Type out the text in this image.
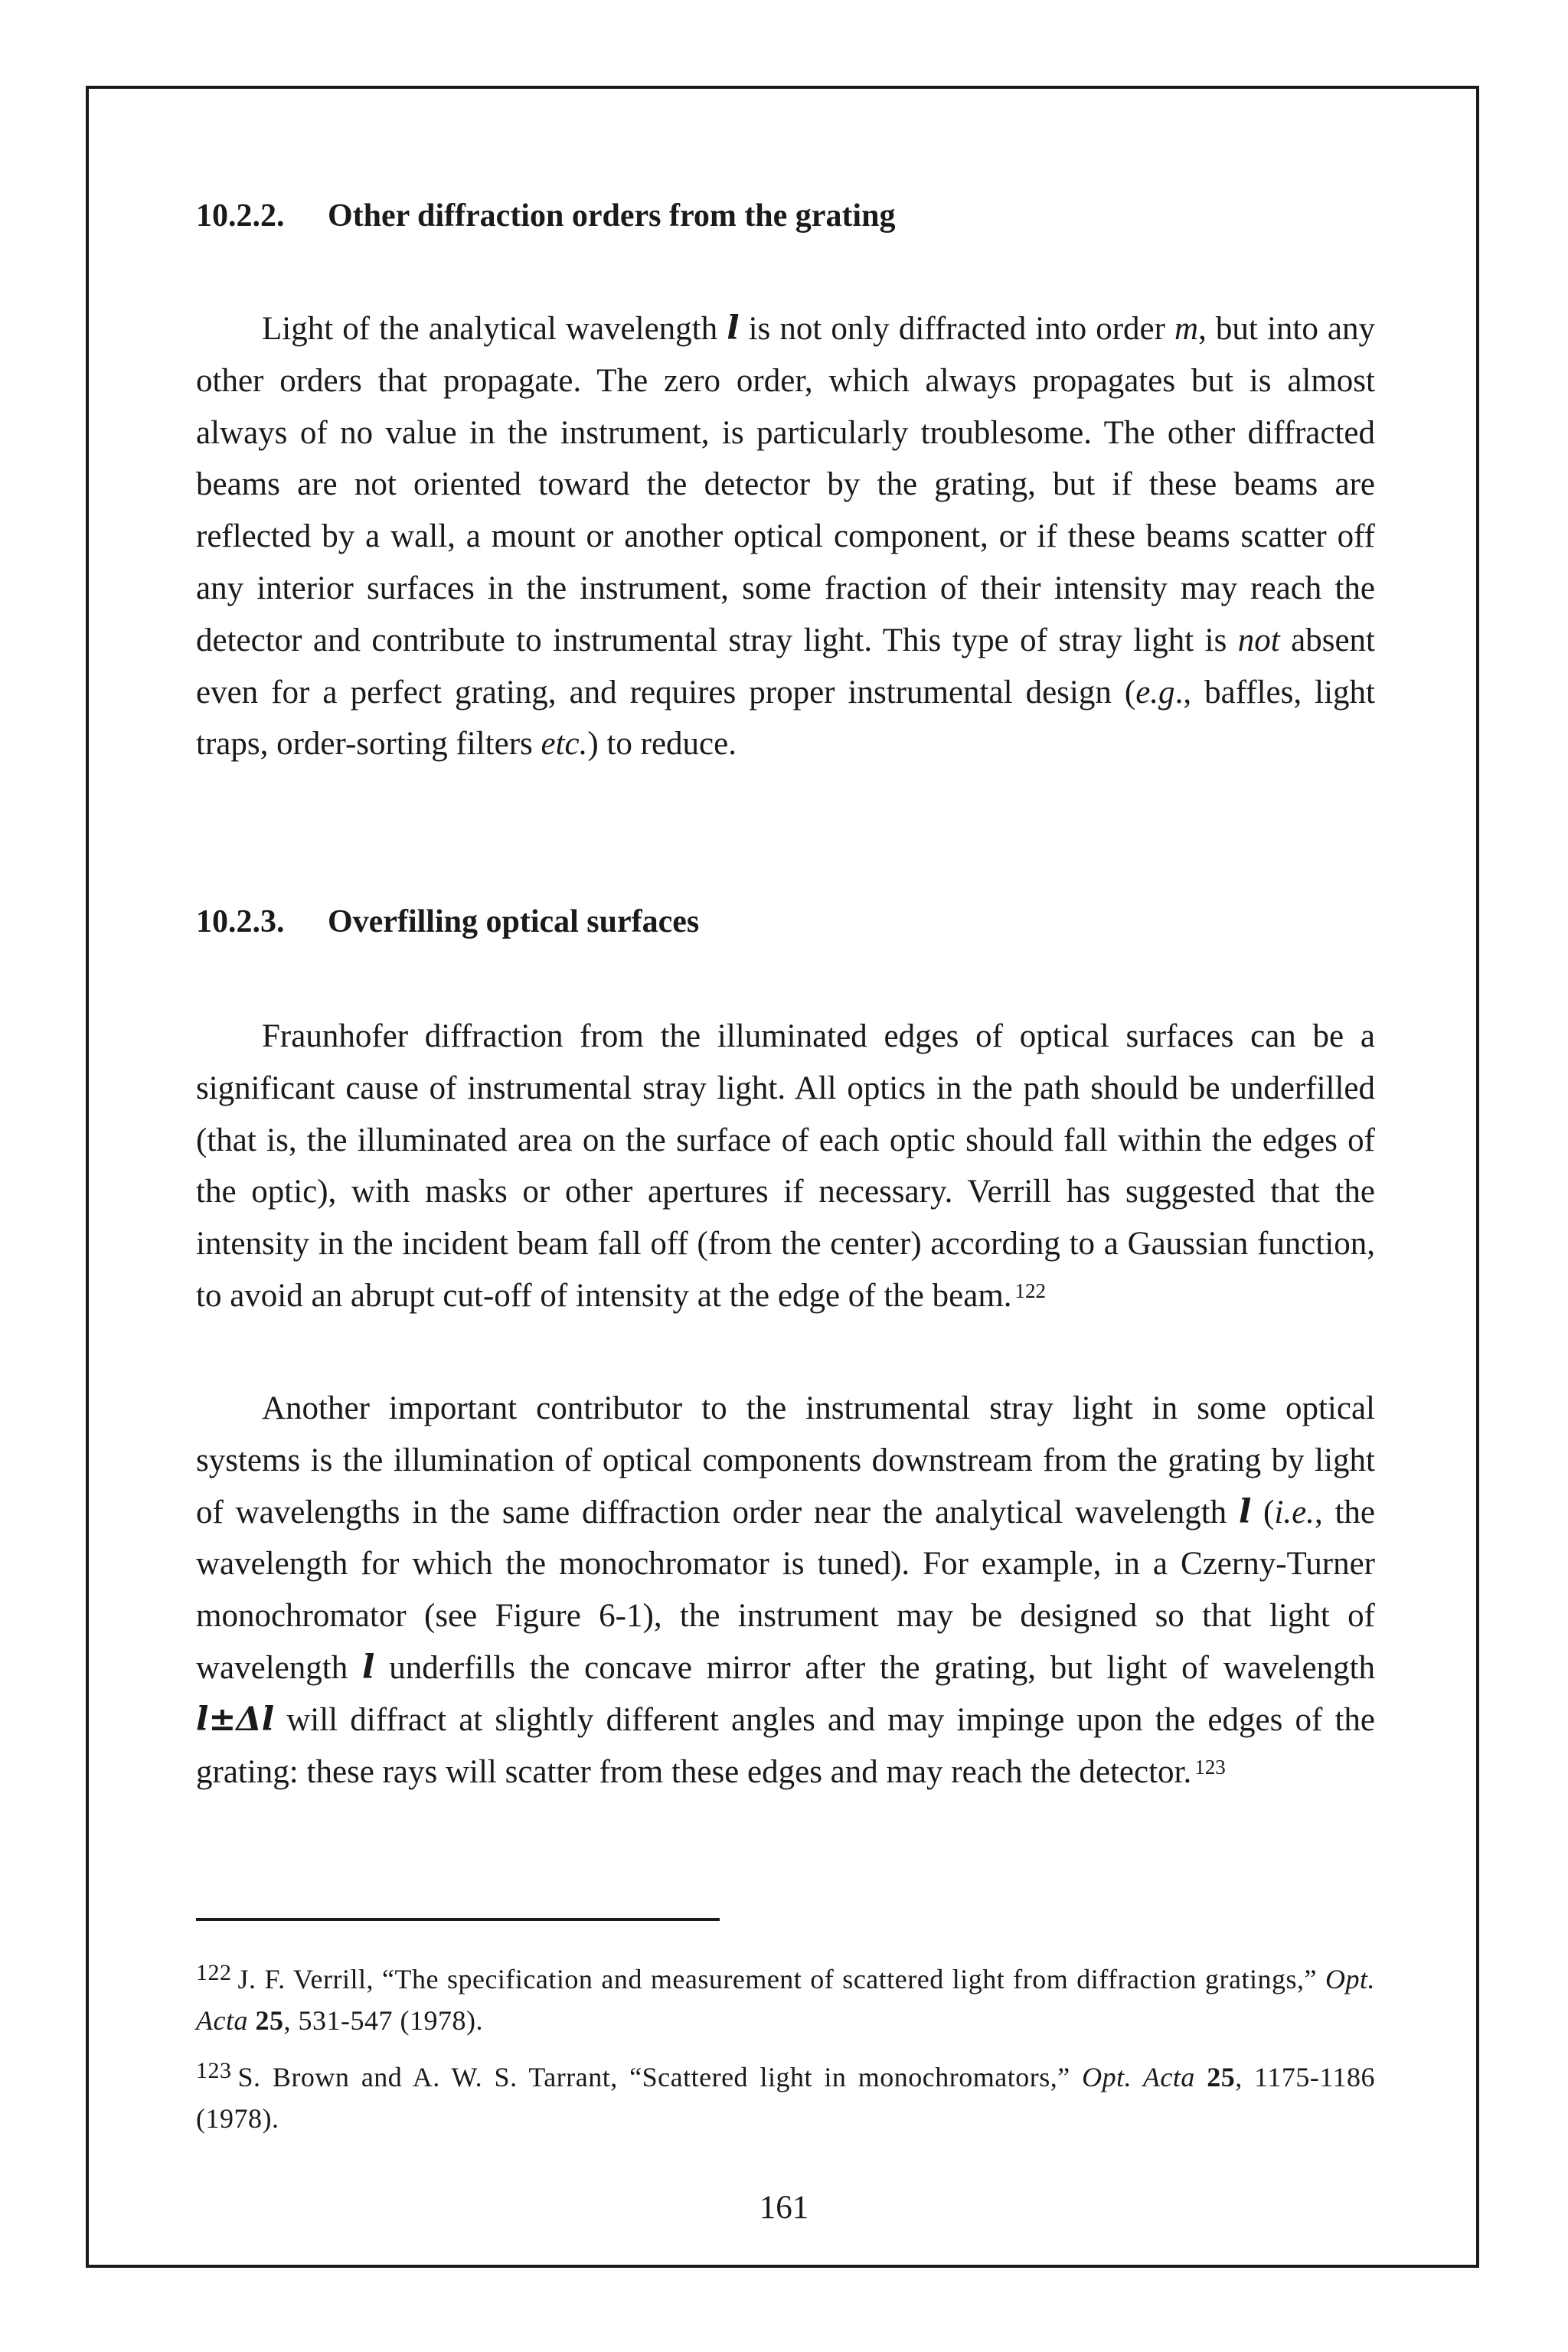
10.2.2. Other diffraction orders from the grating
Light of the analytical wavelength l is not only diffracted into order m, but into any other orders that propagate. The zero order, which always propagates but is almost always of no value in the instrument, is particularly troublesome. The other diffracted beams are not oriented toward the detector by the grating, but if these beams are reflected by a wall, a mount or another optical component, or if these beams scatter off any interior surfaces in the instrument, some fraction of their intensity may reach the detector and contribute to instrumental stray light. This type of stray light is not absent even for a perfect grating, and requires proper instrumental design (e.g., baffles, light traps, order-sorting filters etc.) to reduce.
10.2.3. Overfilling optical surfaces
Fraunhofer diffraction from the illuminated edges of optical surfaces can be a significant cause of instrumental stray light. All optics in the path should be underfilled (that is, the illuminated area on the surface of each optic should fall within the edges of the optic), with masks or other apertures if necessary. Verrill has suggested that the intensity in the incident beam fall off (from the center) according to a Gaussian function, to avoid an abrupt cut-off of intensity at the edge of the beam. $^{122}$
Another important contributor to the instrumental stray light in some optical systems is the illumination of optical components downstream from the grating by light of wavelengths in the same diffraction order near the analytical wavelength l (i.e., the wavelength for which the monochromator is tuned). For example, in a Czerny-Turner monochromator (see Figure 6-1), the instrument may be designed so that light of wavelength l underfills the concave mirror after the grating, but light of wavelength l±Δl will diffract at slightly different angles and may impinge upon the edges of the grating: these rays will scatter from these edges and may reach the detector. $^{123}$
$^{122}$ J. F. Verrill, “The specification and measurement of scattered light from diffraction gratings,” Opt. Acta 25, 531-547 (1978).
$^{123}$ S. Brown and A. W. S. Tarrant, “Scattered light in monochromators,” Opt. Acta 25, 1175-1186 (1978).
161
